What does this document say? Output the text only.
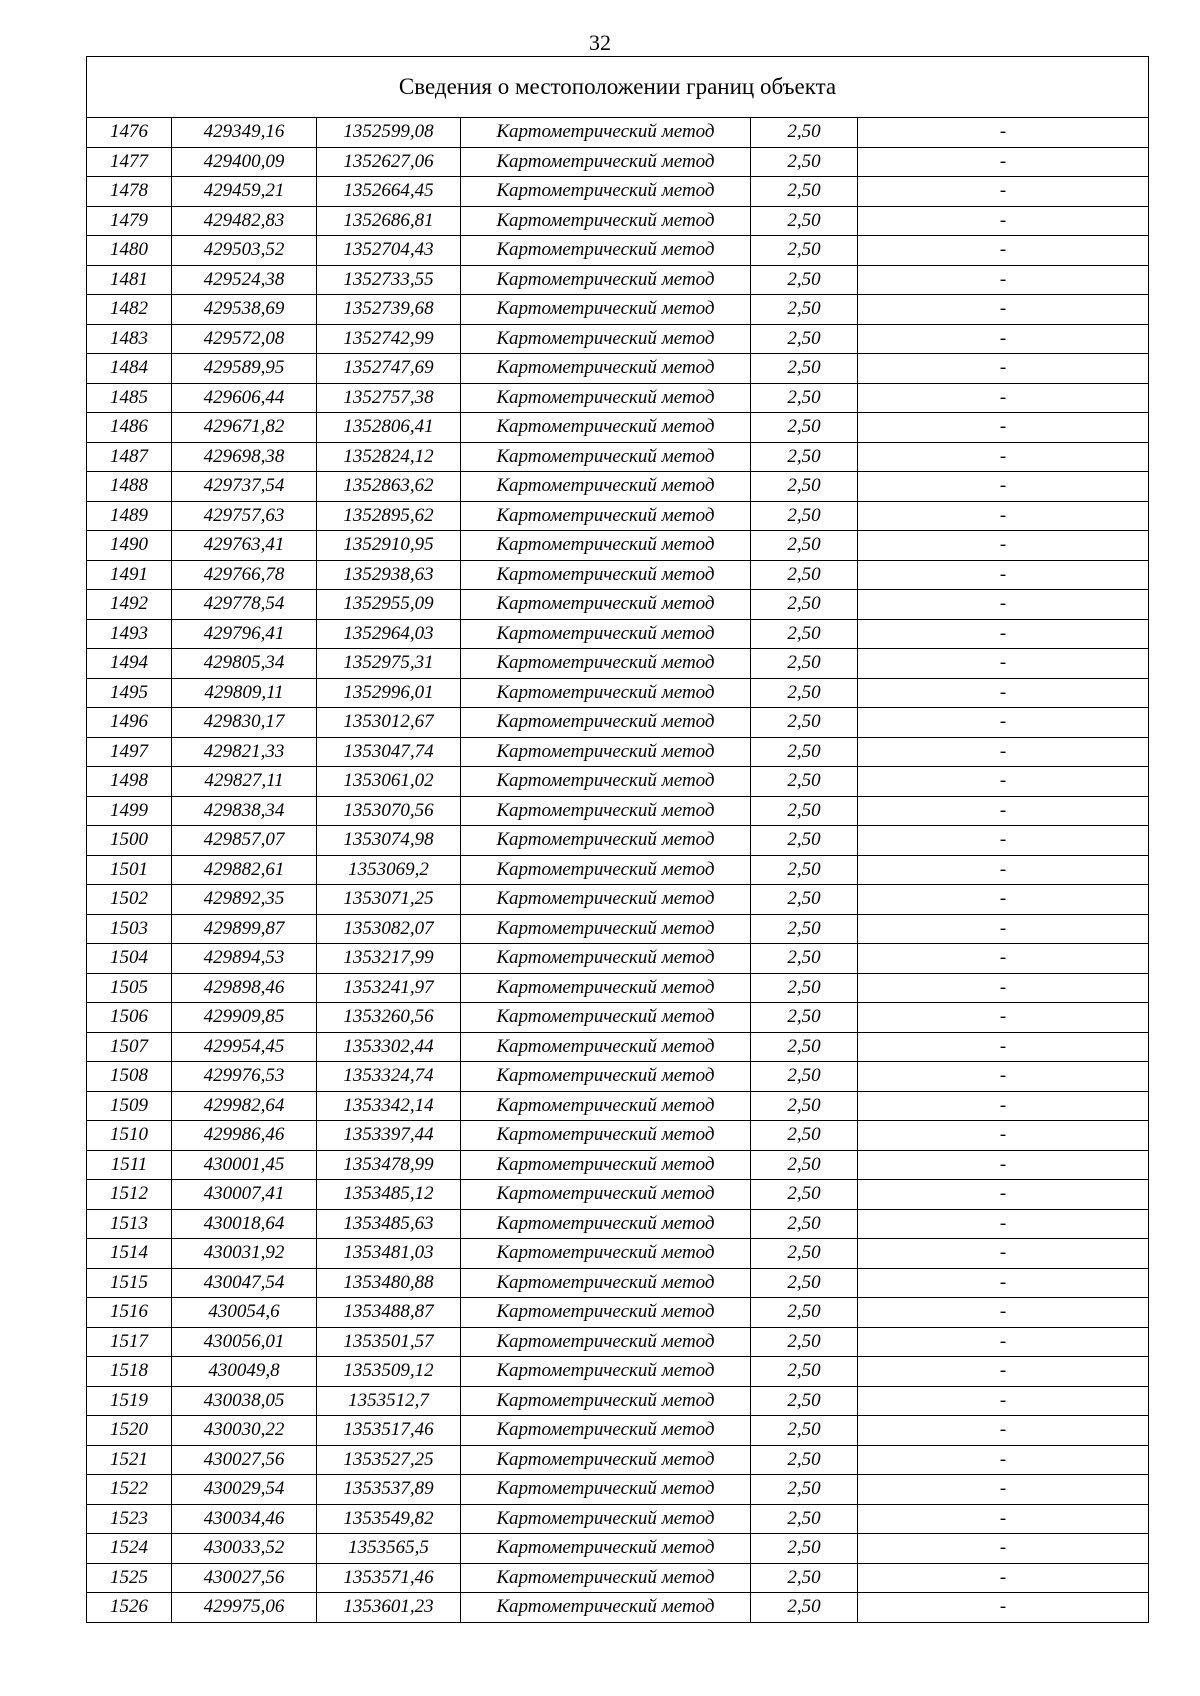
32
Сведения о местоположении границ объекта					
1476	429349,16	1352599,08	Картометрический метод	2,50	-
1477	429400,09	1352627,06	Картометрический метод	2,50	-
1478	429459,21	1352664,45	Картометрический метод	2,50	-
1479	429482,83	1352686,81	Картометрический метод	2,50	-
1480	429503,52	1352704,43	Картометрический метод	2,50	-
1481	429524,38	1352733,55	Картометрический метод	2,50	-
1482	429538,69	1352739,68	Картометрический метод	2,50	-
1483	429572,08	1352742,99	Картометрический метод	2,50	-
1484	429589,95	1352747,69	Картометрический метод	2,50	-
1485	429606,44	1352757,38	Картометрический метод	2,50	-
1486	429671,82	1352806,41	Картометрический метод	2,50	-
1487	429698,38	1352824,12	Картометрический метод	2,50	-
1488	429737,54	1352863,62	Картометрический метод	2,50	-
1489	429757,63	1352895,62	Картометрический метод	2,50	-
1490	429763,41	1352910,95	Картометрический метод	2,50	-
1491	429766,78	1352938,63	Картометрический метод	2,50	-
1492	429778,54	1352955,09	Картометрический метод	2,50	-
1493	429796,41	1352964,03	Картометрический метод	2,50	-
1494	429805,34	1352975,31	Картометрический метод	2,50	-
1495	429809,11	1352996,01	Картометрический метод	2,50	-
1496	429830,17	1353012,67	Картометрический метод	2,50	-
1497	429821,33	1353047,74	Картометрический метод	2,50	-
1498	429827,11	1353061,02	Картометрический метод	2,50	-
1499	429838,34	1353070,56	Картометрический метод	2,50	-
1500	429857,07	1353074,98	Картометрический метод	2,50	-
1501	429882,61	1353069,2	Картометрический метод	2,50	-
1502	429892,35	1353071,25	Картометрический метод	2,50	-
1503	429899,87	1353082,07	Картометрический метод	2,50	-
1504	429894,53	1353217,99	Картометрический метод	2,50	-
1505	429898,46	1353241,97	Картометрический метод	2,50	-
1506	429909,85	1353260,56	Картометрический метод	2,50	-
1507	429954,45	1353302,44	Картометрический метод	2,50	-
1508	429976,53	1353324,74	Картометрический метод	2,50	-
1509	429982,64	1353342,14	Картометрический метод	2,50	-
1510	429986,46	1353397,44	Картометрический метод	2,50	-
1511	430001,45	1353478,99	Картометрический метод	2,50	-
1512	430007,41	1353485,12	Картометрический метод	2,50	-
1513	430018,64	1353485,63	Картометрический метод	2,50	-
1514	430031,92	1353481,03	Картометрический метод	2,50	-
1515	430047,54	1353480,88	Картометрический метод	2,50	-
1516	430054,6	1353488,87	Картометрический метод	2,50	-
1517	430056,01	1353501,57	Картометрический метод	2,50	-
1518	430049,8	1353509,12	Картометрический метод	2,50	-
1519	430038,05	1353512,7	Картометрический метод	2,50	-
1520	430030,22	1353517,46	Картометрический метод	2,50	-
1521	430027,56	1353527,25	Картометрический метод	2,50	-
1522	430029,54	1353537,89	Картометрический метод	2,50	-
1523	430034,46	1353549,82	Картометрический метод	2,50	-
1524	430033,52	1353565,5	Картометрический метод	2,50	-
1525	430027,56	1353571,46	Картометрический метод	2,50	-
1526	429975,06	1353601,23	Картометрический метод	2,50	-
